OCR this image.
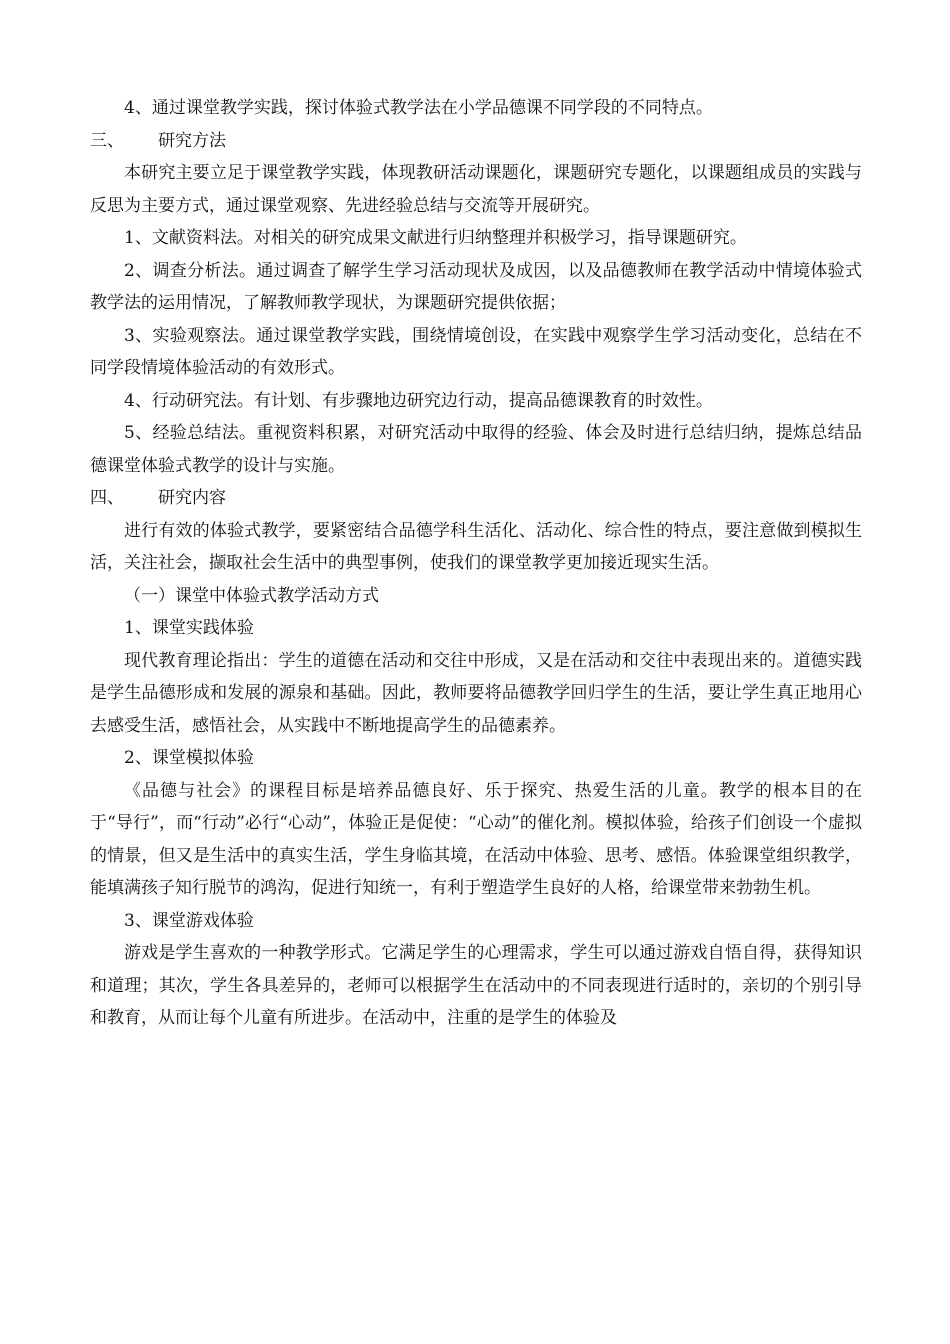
4、通过课堂教学实践，探讨体验式教学法在小学品德课不同学段的不同特点。

三、	研究方法

本研究主要立足于课堂教学实践，体现教研活动课题化，课题研究专题化，以课题组成员的实践与反思为主要方式，通过课堂观察、先进经验总结与交流等开展研究。

1、文献资料法。对相关的研究成果文献进行归纳整理并积极学习，指导课题研究。

2、调查分析法。通过调查了解学生学习活动现状及成因，以及品德教师在教学活动中情境体验式教学法的运用情况，了解教师教学现状，为课题研究提供依据；

3、实验观察法。通过课堂教学实践，围绕情境创设，在实践中观察学生学习活动变化，总结在不同学段情境体验活动的有效形式。

4、行动研究法。有计划、有步骤地边研究边行动，提高品德课教育的时效性。

5、经验总结法。重视资料积累，对研究活动中取得的经验、体会及时进行总结归纳，提炼总结品德课堂体验式教学的设计与实施。

四、	研究内容

进行有效的体验式教学，要紧密结合品德学科生活化、活动化、综合性的特点，要注意做到模拟生活，关注社会，撷取社会生活中的典型事例，使我们的课堂教学更加接近现实生活。

（一）课堂中体验式教学活动方式

1、课堂实践体验

现代教育理论指出：学生的道德在活动和交往中形成，又是在活动和交往中表现出来的。道德实践是学生品德形成和发展的源泉和基础。因此，教师要将品德教学回归学生的生活，要让学生真正地用心去感受生活，感悟社会，从实践中不断地提高学生的品德素养。

2、课堂模拟体验

《品德与社会》的课程目标是培养品德良好、乐于探究、热爱生活的儿童。教学的根本目的在于“导行”，而“行动”必行“心动”，体验正是促使：“心动”的催化剂。模拟体验，给孩子们创设一个虚拟的情景，但又是生活中的真实生活，学生身临其境，在活动中体验、思考、感悟。体验课堂组织教学，能填满孩子知行脱节的鸿沟，促进行知统一，有利于塑造学生良好的人格，给课堂带来勃勃生机。

3、课堂游戏体验

游戏是学生喜欢的一种教学形式。它满足学生的心理需求，学生可以通过游戏自悟自得，获得知识和道理；其次，学生各具差异的，老师可以根据学生在活动中的不同表现进行适时的，亲切的个别引导和教育，从而让每个儿童有所进步。在活动中，注重的是学生的体验及
